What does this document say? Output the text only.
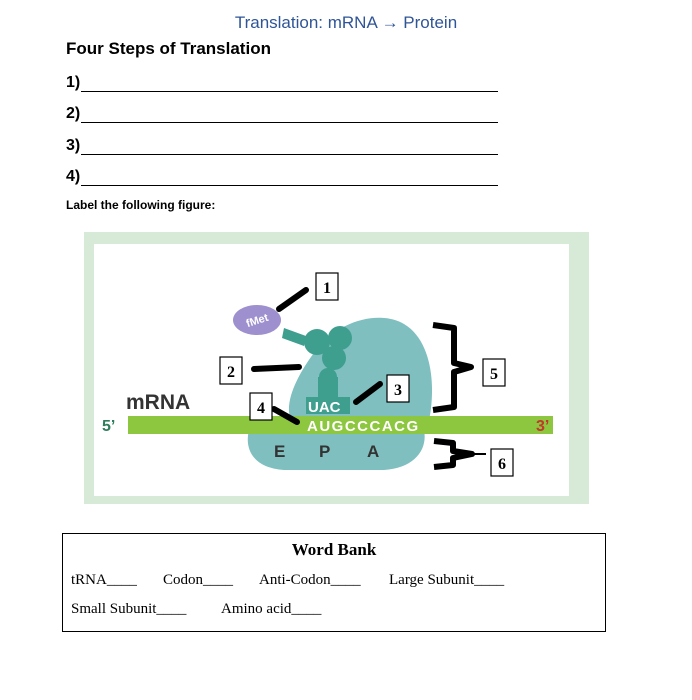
Translation: mRNA → Protein
Four Steps of Translation
1)
2)
3)
4)
Label the following figure:
fMet
UAC
AUGCCCACG
5’	3’
mRNA
E P A
1
2
3
4
5
6
Word Bank
tRNA____ Codon____ Anti-Codon____ Large Subunit____
Small Subunit____ Amino acid____
